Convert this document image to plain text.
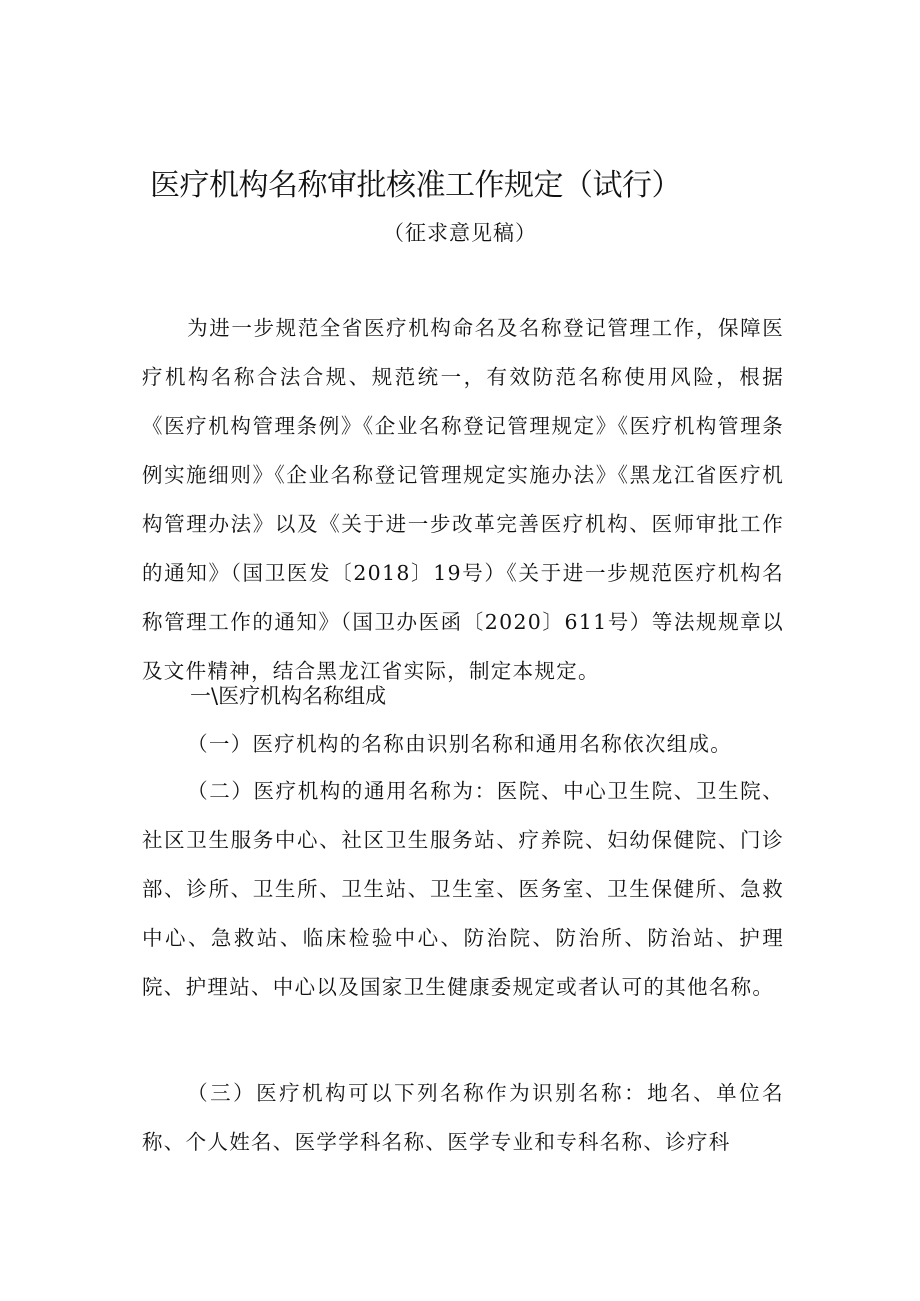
医疗机构名称审批核准工作规定（试行）
（征求意见稿）

为进一步规范全省医疗机构命名及名称登记管理工作，保障医疗机构名称合法合规、规范统一，有效防范名称使用风险，根据《医疗机构管理条例》《企业名称登记管理规定》《医疗机构管理条例实施细则》《企业名称登记管理规定实施办法》《黑龙江省医疗机构管理办法》以及《关于进一步改革完善医疗机构、医师审批工作的通知》（国卫医发〔2018〕19号）《关于进一步规范医疗机构名称管理工作的通知》（国卫办医函〔2020〕611号）等法规规章以及文件精神，结合黑龙江省实际，制定本规定。

一\医疗机构名称组成

（一）医疗机构的名称由识别名称和通用名称依次组成。

（二）医疗机构的通用名称为：医院、中心卫生院、卫生院、社区卫生服务中心、社区卫生服务站、疗养院、妇幼保健院、门诊部、诊所、卫生所、卫生站、卫生室、医务室、卫生保健所、急救中心、急救站、临床检验中心、防治院、防治所、防治站、护理院、护理站、中心以及国家卫生健康委规定或者认可的其他名称。

（三）医疗机构可以下列名称作为识别名称：地名、单位名称、个人姓名、医学学科名称、医学专业和专科名称、诊疗科
